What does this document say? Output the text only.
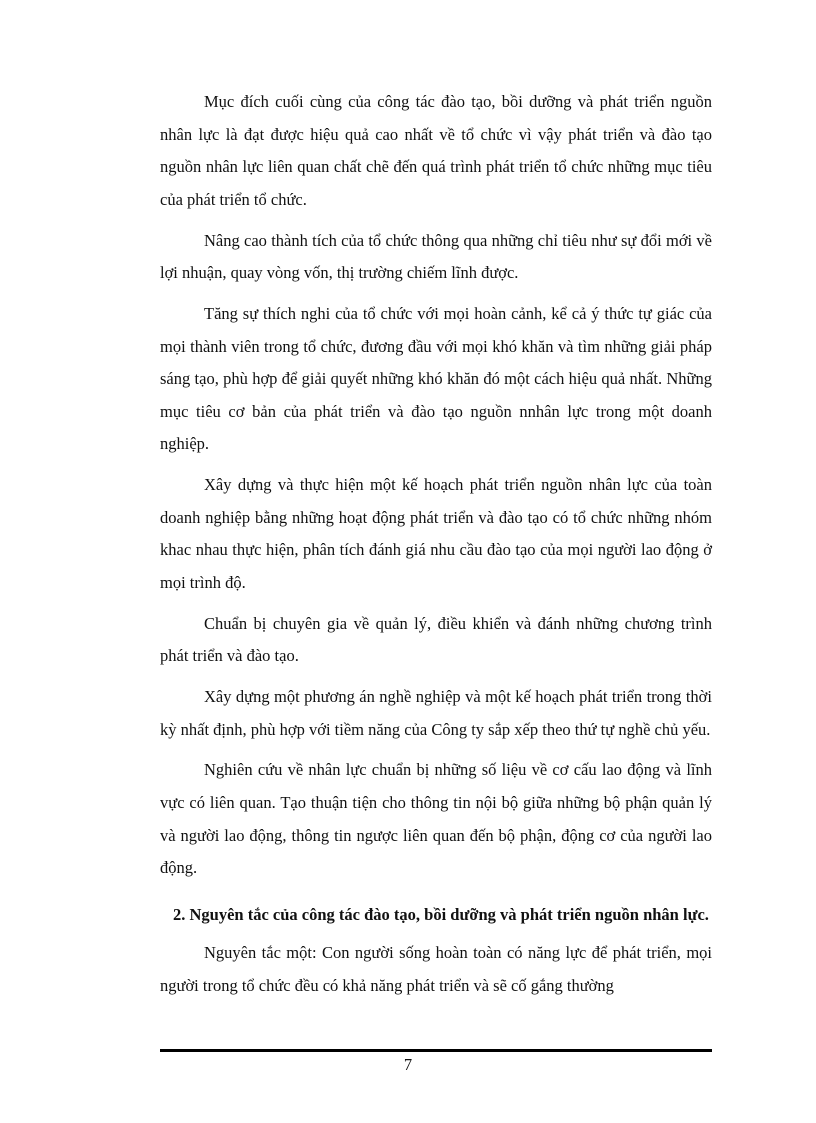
Mục đích cuối cùng của công tác đào tạo, bồi dưỡng và phát triển nguồn nhân lực là đạt được hiệu quả cao nhất về tổ chức vì vậy phát triển và đào tạo nguồn nhân lực liên quan chất chẽ đến quá trình phát triển tổ chức những mục tiêu của phát triển tổ chức.

Nâng cao thành tích của tổ chức thông qua những chỉ tiêu như sự đổi mới về lợi nhuận, quay vòng vốn, thị trường chiếm lĩnh được.

Tăng sự thích nghi của tổ chức với mọi hoàn cảnh, kể cả ý thức tự giác của mọi thành viên trong tổ chức, đương đầu với mọi khó khăn và tìm những giải pháp sáng tạo, phù hợp để giải quyết những khó khăn đó một cách hiệu quả nhất. Những mục tiêu cơ bản của phát triển và đào tạo nguồn nnhân lực trong một doanh nghiệp.

Xây dựng và thực hiện một kế hoạch phát triển nguồn nhân lực của toàn doanh nghiệp bằng những hoạt động phát triển và đào tạo có tổ chức những nhóm khac nhau thực hiện, phân tích đánh giá nhu cầu đào tạo của mọi người lao động ở mọi trình độ.

Chuẩn bị chuyên gia về quản lý, điều khiển và đánh những chương trình phát triển và đào tạo.

Xây dựng một phương án nghề nghiệp và một kế hoạch phát triển trong thời kỳ nhất định, phù hợp với tiềm năng của Công ty sắp xếp theo thứ tự nghề chủ yếu.

Nghiên cứu về nhân lực chuẩn bị những số liệu về cơ cấu lao động và lĩnh vực có liên quan. Tạo thuận tiện cho thông tin nội bộ giữa những bộ phận quản lý và người lao động, thông tin ngược liên quan đến bộ phận, động cơ của người lao động.

2. Nguyên tắc của công tác đào tạo, bồi dưỡng và phát triển nguồn nhân lực.

Nguyên tắc một: Con người sống hoàn toàn có năng lực để phát triển, mọi người trong tổ chức đều có khả năng phát triển và sẽ cố gắng thường

7
